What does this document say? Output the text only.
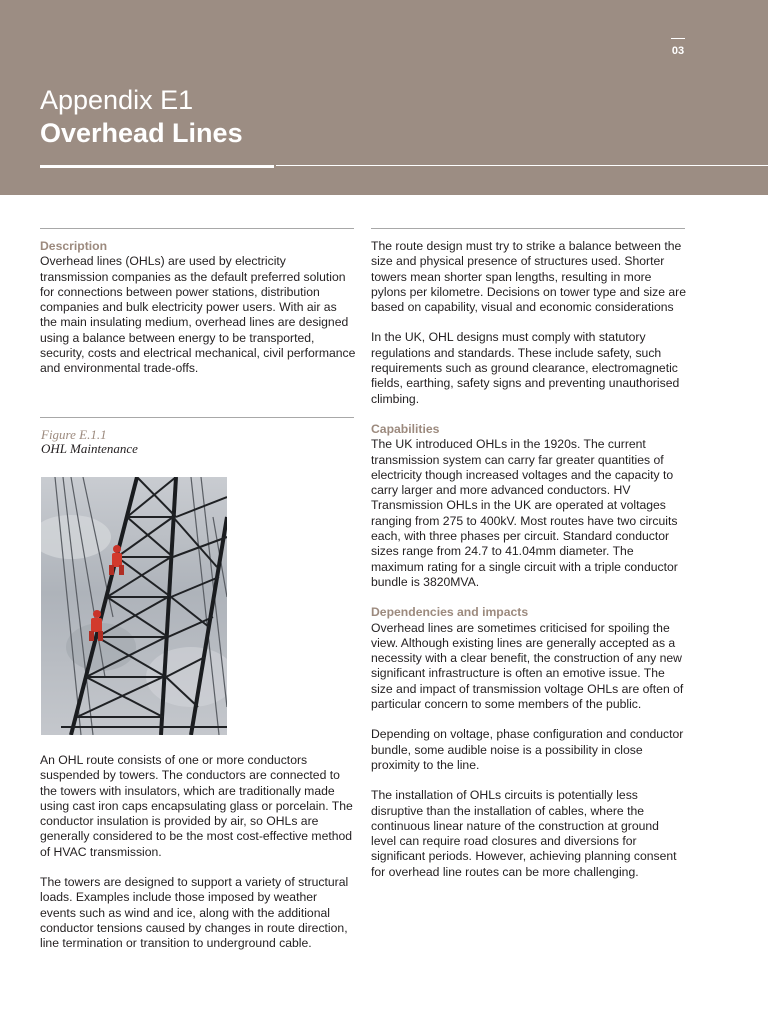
03
Appendix E1
Overhead Lines

Description

Overhead lines (OHLs) are used by electricity transmission companies as the default preferred solution for connections between power stations, distribution companies and bulk electricity power users. With air as the main insulating medium, overhead lines are designed using a balance between energy to be transported, security, costs and electrical mechanical, civil performance and environmental trade-offs.

Figure E.1.1
OHL Maintenance

An OHL route consists of one or more conductors suspended by towers. The conductors are connected to the towers with insulators, which are traditionally made using cast iron caps encapsulating glass or porcelain. The conductor insulation is provided by air, so OHLs are generally considered to be the most cost-effective method of HVAC transmission.

The towers are designed to support a variety of structural loads. Examples include those imposed by weather events such as wind and ice, along with the additional conductor tensions caused by changes in route direction, line termination or transition to underground cable.

The route design must try to strike a balance between the size and physical presence of structures used. Shorter towers mean shorter span lengths, resulting in more pylons per kilometre. Decisions on tower type and size are based on capability, visual and economic considerations

In the UK, OHL designs must comply with statutory regulations and standards. These include safety, such requirements such as ground clearance, electromagnetic fields, earthing, safety signs and preventing unauthorised climbing.

Capabilities

The UK introduced OHLs in the 1920s. The current transmission system can carry far greater quantities of electricity though increased voltages and the capacity to carry larger and more advanced conductors. HV Transmission OHLs in the UK are operated at voltages ranging from 275 to 400kV. Most routes have two circuits each, with three phases per circuit. Standard conductor sizes range from 24.7 to 41.04mm diameter. The maximum rating for a single circuit with a triple conductor bundle is 3820MVA.

Dependencies and impacts

Overhead lines are sometimes criticised for spoiling the view. Although existing lines are generally accepted as a necessity with a clear benefit, the construction of any new significant infrastructure is often an emotive issue. The size and impact of transmission voltage OHLs are often of particular concern to some members of the public.

Depending on voltage, phase configuration and conductor bundle, some audible noise is a possibility in close proximity to the line.

The installation of OHLs circuits is potentially less disruptive than the installation of cables, where the continuous linear nature of the construction at ground level can require road closures and diversions for significant periods. However, achieving planning consent for overhead line routes can be more challenging.
